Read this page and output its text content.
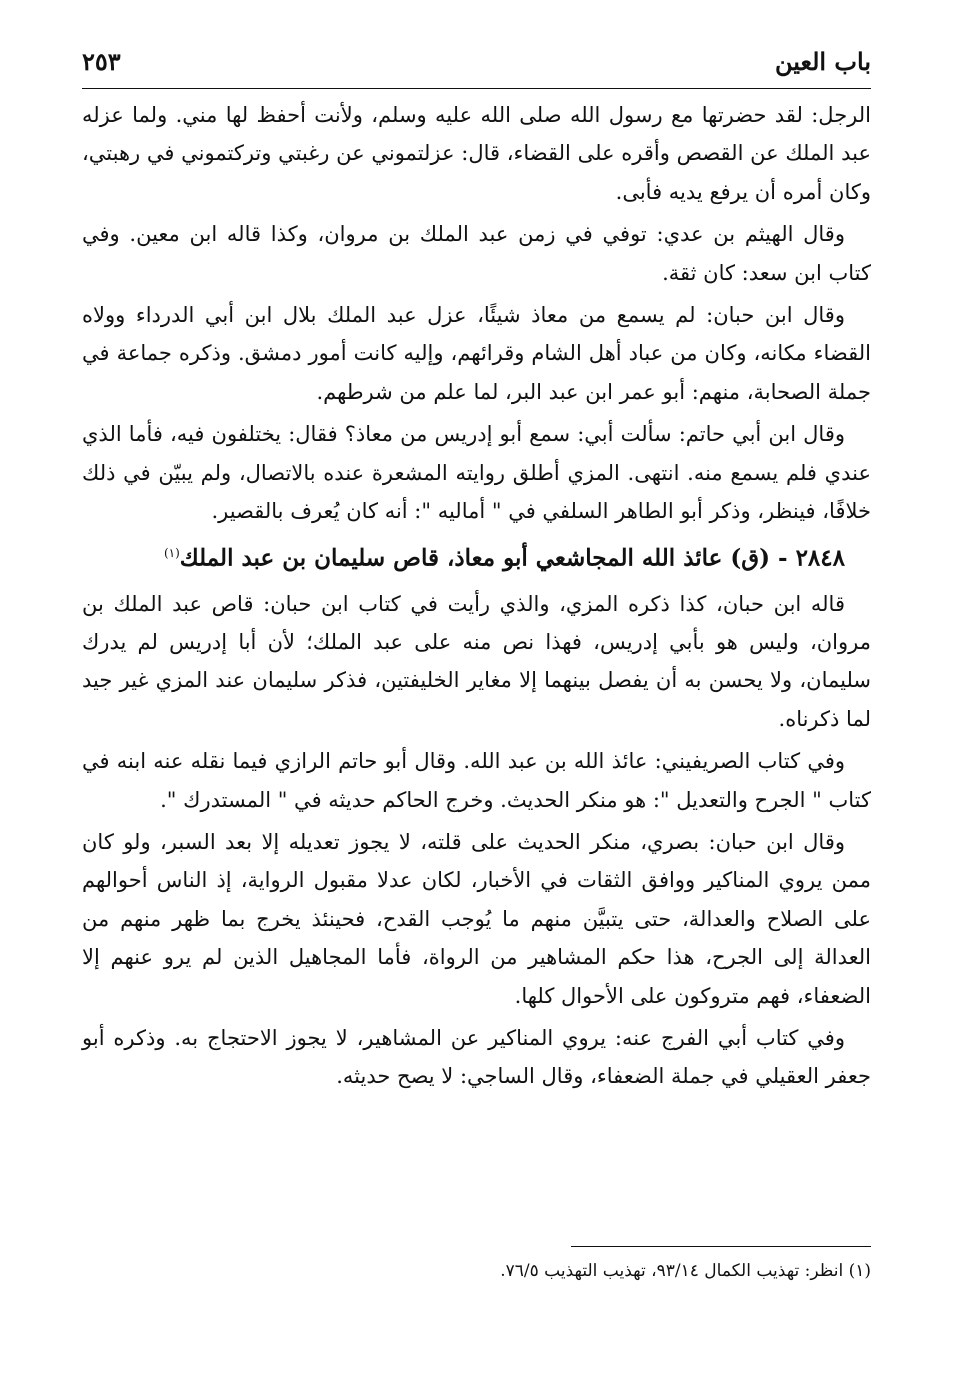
باب العين
٢٥٣

الرجل: لقد حضرتها مع رسول الله صلى الله عليه وسلم، ولأنت أحفظ لها مني. ولما عزله عبد الملك عن القصص وأقره على القضاء، قال: عزلتموني عن رغبتي وتركتموني في رهبتي، وكان أمره أن يرفع يديه فأبى.

وقال الهيثم بن عدي: توفي في زمن عبد الملك بن مروان، وكذا قاله ابن معين. وفي كتاب ابن سعد: كان ثقة.

وقال ابن حبان: لم يسمع من معاذ شيئًا، عزل عبد الملك بلال ابن أبي الدرداء وولاه القضاء مكانه، وكان من عباد أهل الشام وقرائهم، وإليه كانت أمور دمشق. وذكره جماعة في جملة الصحابة، منهم: أبو عمر ابن عبد البر، لما علم من شرطهم.

وقال ابن أبي حاتم: سألت أبي: سمع أبو إدريس من معاذ؟ فقال: يختلفون فيه، فأما الذي عندي فلم يسمع منه. انتهى. المزي أطلق روايته المشعرة عنده بالاتصال، ولم يبيّن في ذلك خلافًا، فينظر، وذكر أبو الطاهر السلفي في " أماليه ": أنه كان يُعرف بالقصير.

٢٨٤٨ - (ق) عائذ الله المجاشعي أبو معاذ، قاص سليمان بن عبد الملك$^{(١)}$

قاله ابن حبان، كذا ذكره المزي، والذي رأيت في كتاب ابن حبان: قاص عبد الملك بن مروان، وليس هو بأبي إدريس، فهذا نص منه على عبد الملك؛ لأن أبا إدريس لم يدرك سليمان، ولا يحسن به أن يفصل بينهما إلا مغاير الخليفتين، فذكر سليمان عند المزي غير جيد لما ذكرناه.

وفي كتاب الصريفيني: عائذ الله بن عبد الله. وقال أبو حاتم الرازي فيما نقله عنه ابنه في كتاب " الجرح والتعديل ": هو منكر الحديث. وخرج الحاكم حديثه في " المستدرك ".

وقال ابن حبان: بصري، منكر الحديث على قلته، لا يجوز تعديله إلا بعد السبر، ولو كان ممن يروي المناكير ووافق الثقات في الأخبار، لكان عدلا مقبول الرواية، إذ الناس أحوالهم على الصلاح والعدالة، حتى يتبيَّن منهم ما يُوجب القدح، فحينئذ يخرج بما ظهر منهم من العدالة إلى الجرح، هذا حكم المشاهير من الرواة، فأما المجاهيل الذين لم يرو عنهم إلا الضعفاء، فهم متروكون على الأحوال كلها.

وفي كتاب أبي الفرج عنه: يروي المناكير عن المشاهير، لا يجوز الاحتجاج به. وذكره أبو جعفر العقيلي في جملة الضعفاء، وقال الساجي: لا يصح حديثه.

(١) انظر: تهذيب الكمال ٩٣/١٤، تهذيب التهذيب ٧٦/٥.
